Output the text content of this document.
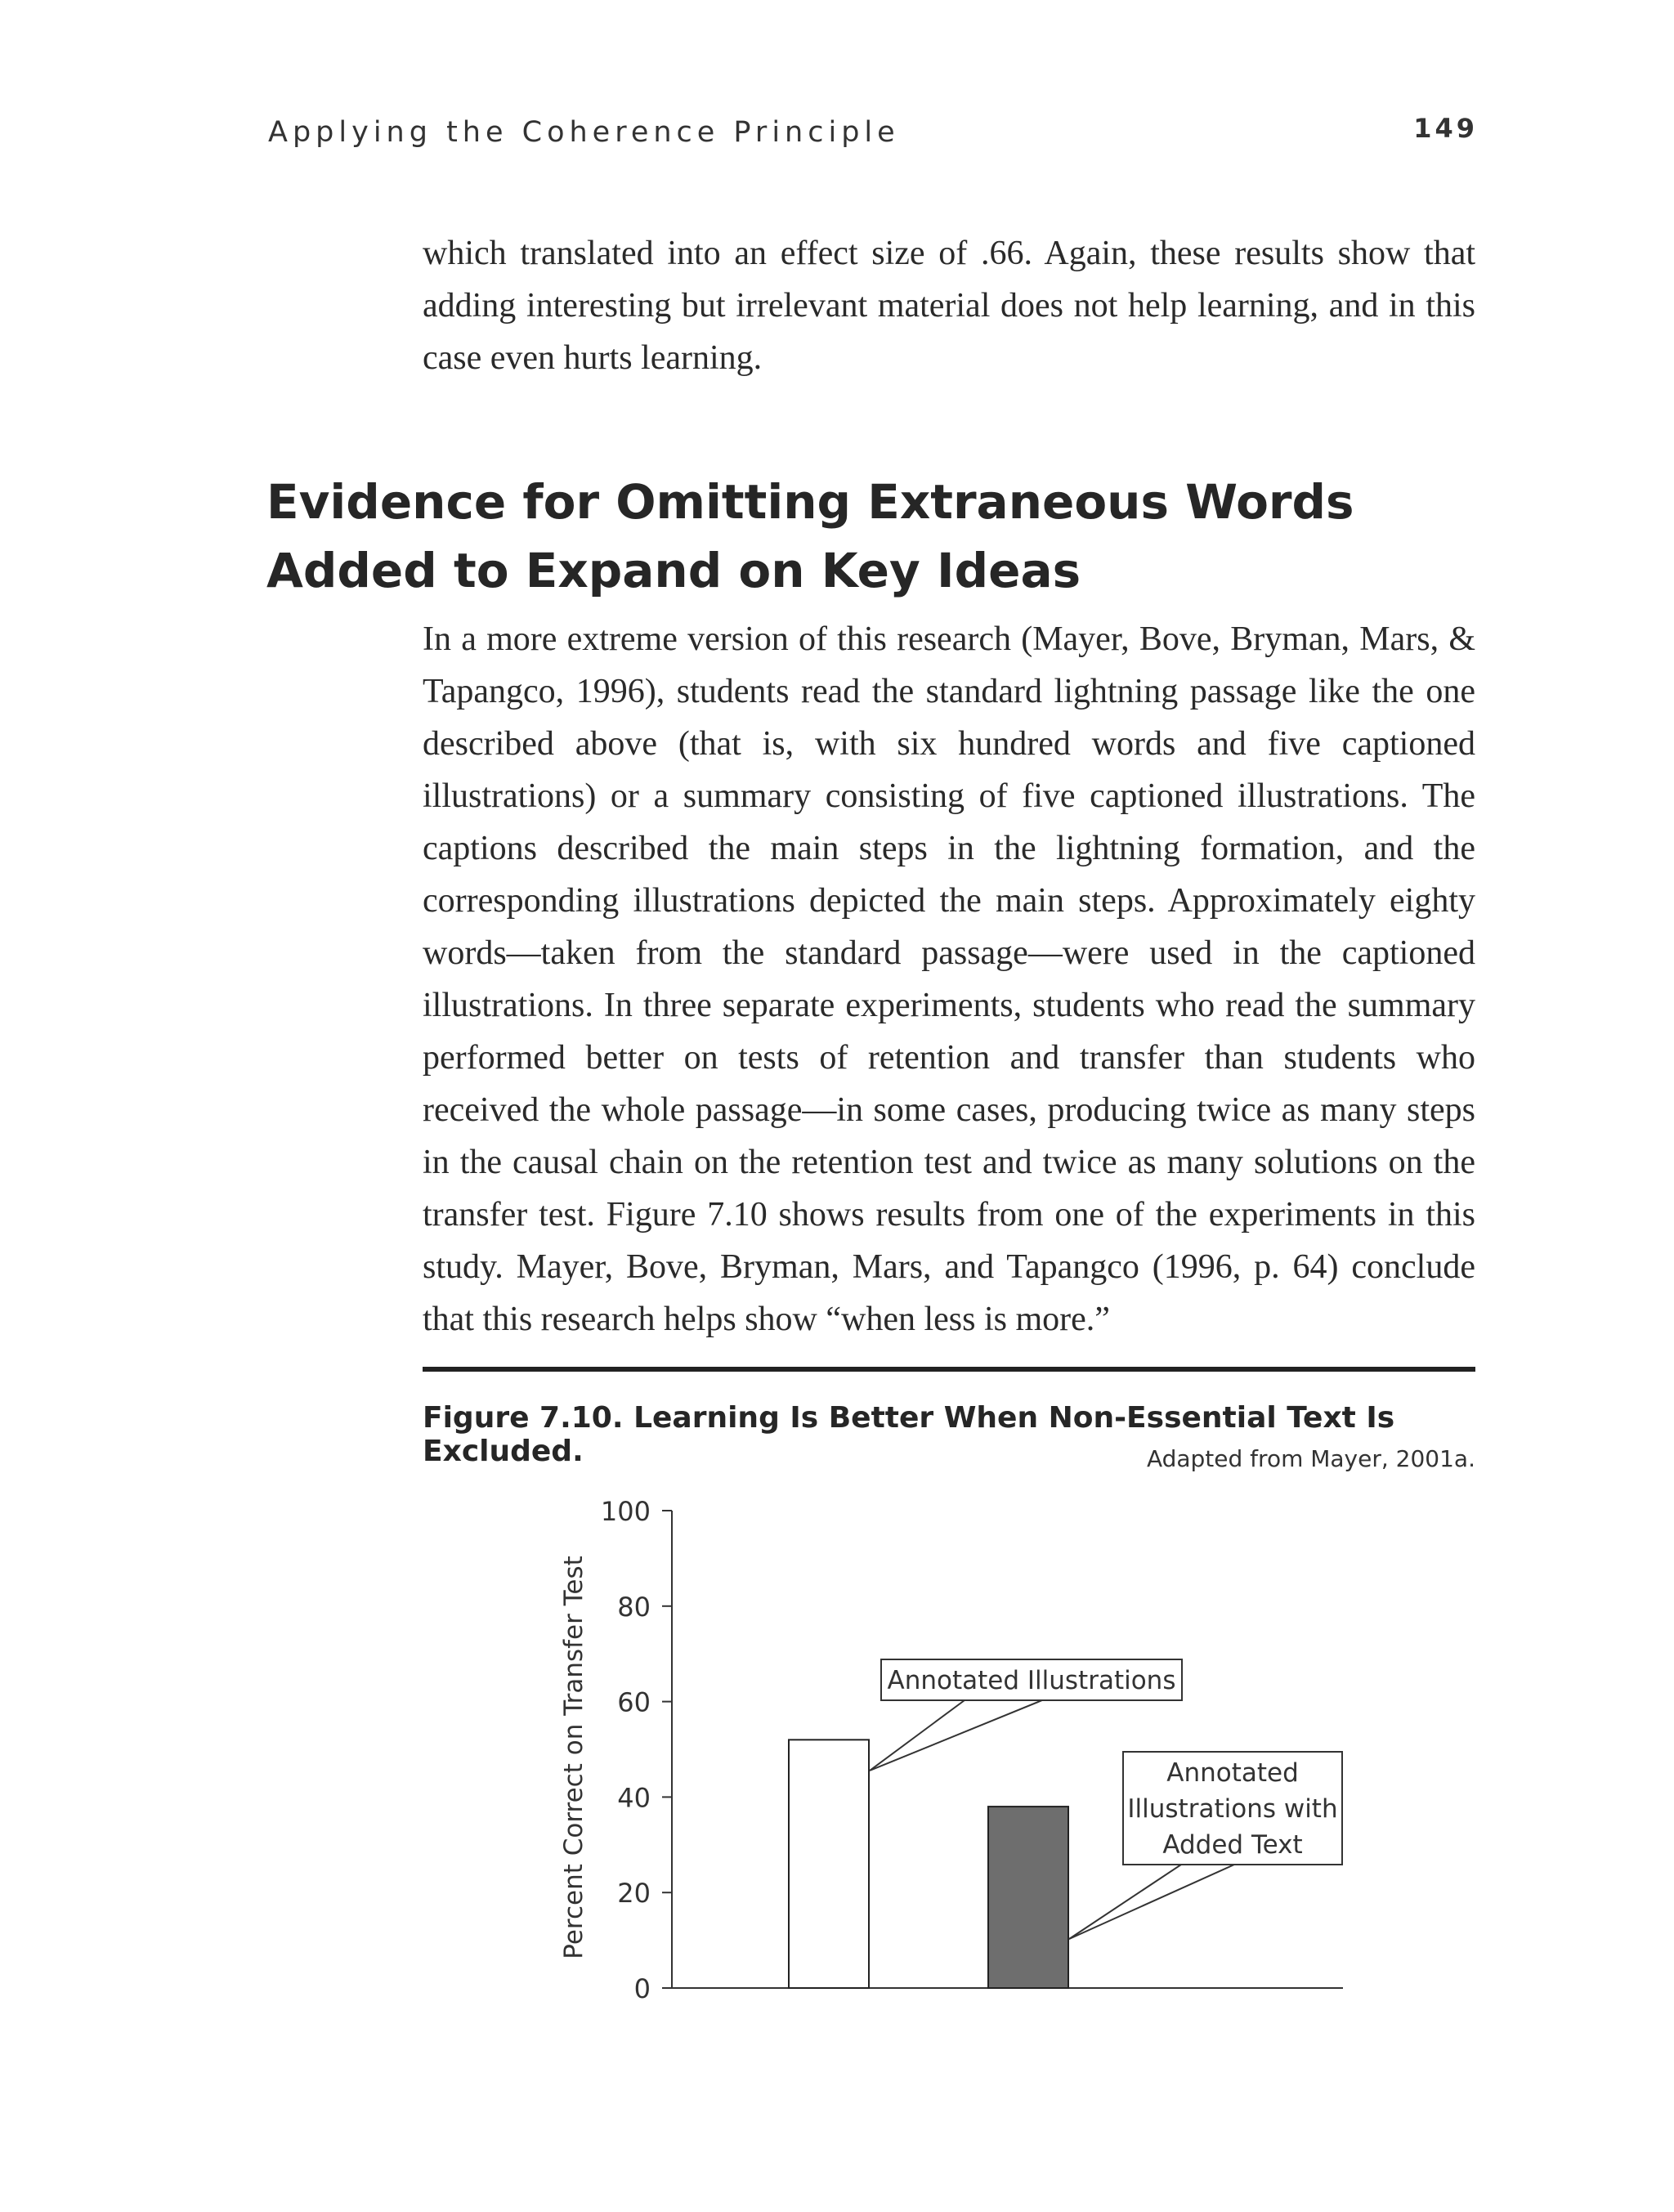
Applying the Coherence Principle	149

which translated into an effect size of .66. Again, these results show that adding interesting but irrelevant material does not help learning, and in this case even hurts learning.

Evidence for Omitting Extraneous Words Added to Expand on Key Ideas

In a more extreme version of this research (Mayer, Bove, Bryman, Mars, & Tapangco, 1996), students read the standard lightning passage like the one described above (that is, with six hundred words and five captioned illustrations) or a summary consisting of five captioned illustrations. The captions described the main steps in the lightning formation, and the corresponding illustrations depicted the main steps. Approximately eighty words—taken from the standard passage—were used in the captioned illustrations. In three separate experiments, students who read the summary performed better on tests of retention and transfer than students who received the whole passage—in some cases, producing twice as many steps in the causal chain on the retention test and twice as many solutions on the transfer test. Figure 7.10 shows results from one of the experiments in this study. Mayer, Bove, Bryman, Mars, and Tapangco (1996, p. 64) conclude that this research helps show “when less is more.”

Figure 7.10. Learning Is Better When Non-Essential Text Is Excluded.	Adapted from Mayer, 2001a.
0
20
40
60
80
100
Percent Correct on Transfer Test	Annotated Illustrations
Annotated
Illustrations with
Added Text
